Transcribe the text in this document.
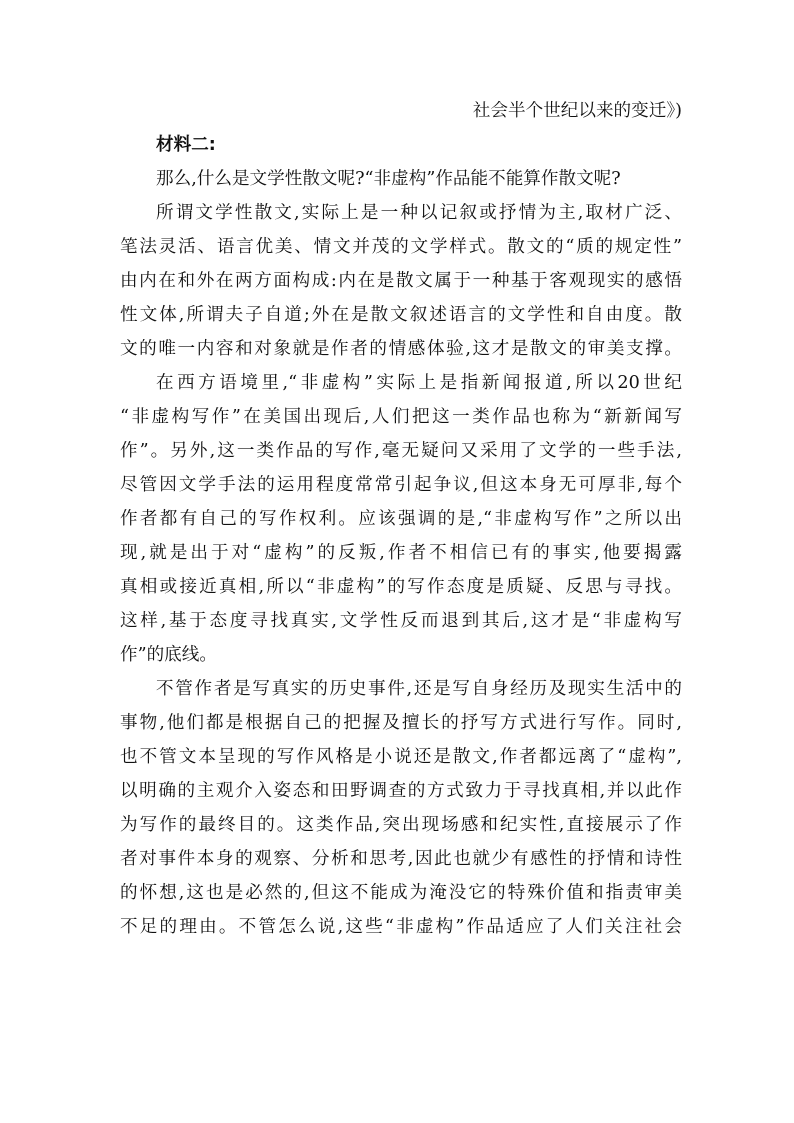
社会半个世纪以来的变迁》)
材料二:
那么,什么是文学性散文呢?“非虚构”作品能不能算作散文呢?
所谓文学性散文,实际上是一种以记叙或抒情为主,取材广泛、
笔法灵活、语言优美、情文并茂的文学样式。散文的“质的规定性”
由内在和外在两方面构成:内在是散文属于一种基于客观现实的感悟
性文体,所谓夫子自道;外在是散文叙述语言的文学性和自由度。散
文的唯一内容和对象就是作者的情感体验,这才是散文的审美支撑。
在西方语境里,“非虚构”实际上是指新闻报道,所以20世纪
“非虚构写作”在美国出现后,人们把这一类作品也称为“新新闻写
作”。另外,这一类作品的写作,毫无疑问又采用了文学的一些手法,
尽管因文学手法的运用程度常常引起争议,但这本身无可厚非,每个
作者都有自己的写作权利。应该强调的是,“非虚构写作”之所以出
现,就是出于对“虚构”的反叛,作者不相信已有的事实,他要揭露
真相或接近真相,所以“非虚构”的写作态度是质疑、反思与寻找。
这样,基于态度寻找真实,文学性反而退到其后,这才是“非虚构写
作”的底线。
不管作者是写真实的历史事件,还是写自身经历及现实生活中的
事物,他们都是根据自己的把握及擅长的抒写方式进行写作。同时,
也不管文本呈现的写作风格是小说还是散文,作者都远离了“虚构”,
以明确的主观介入姿态和田野调查的方式致力于寻找真相,并以此作
为写作的最终目的。这类作品,突出现场感和纪实性,直接展示了作
者对事件本身的观察、分析和思考,因此也就少有感性的抒情和诗性
的怀想,这也是必然的,但这不能成为淹没它的特殊价值和指责审美
不足的理由。不管怎么说,这些“非虚构”作品适应了人们关注社会
